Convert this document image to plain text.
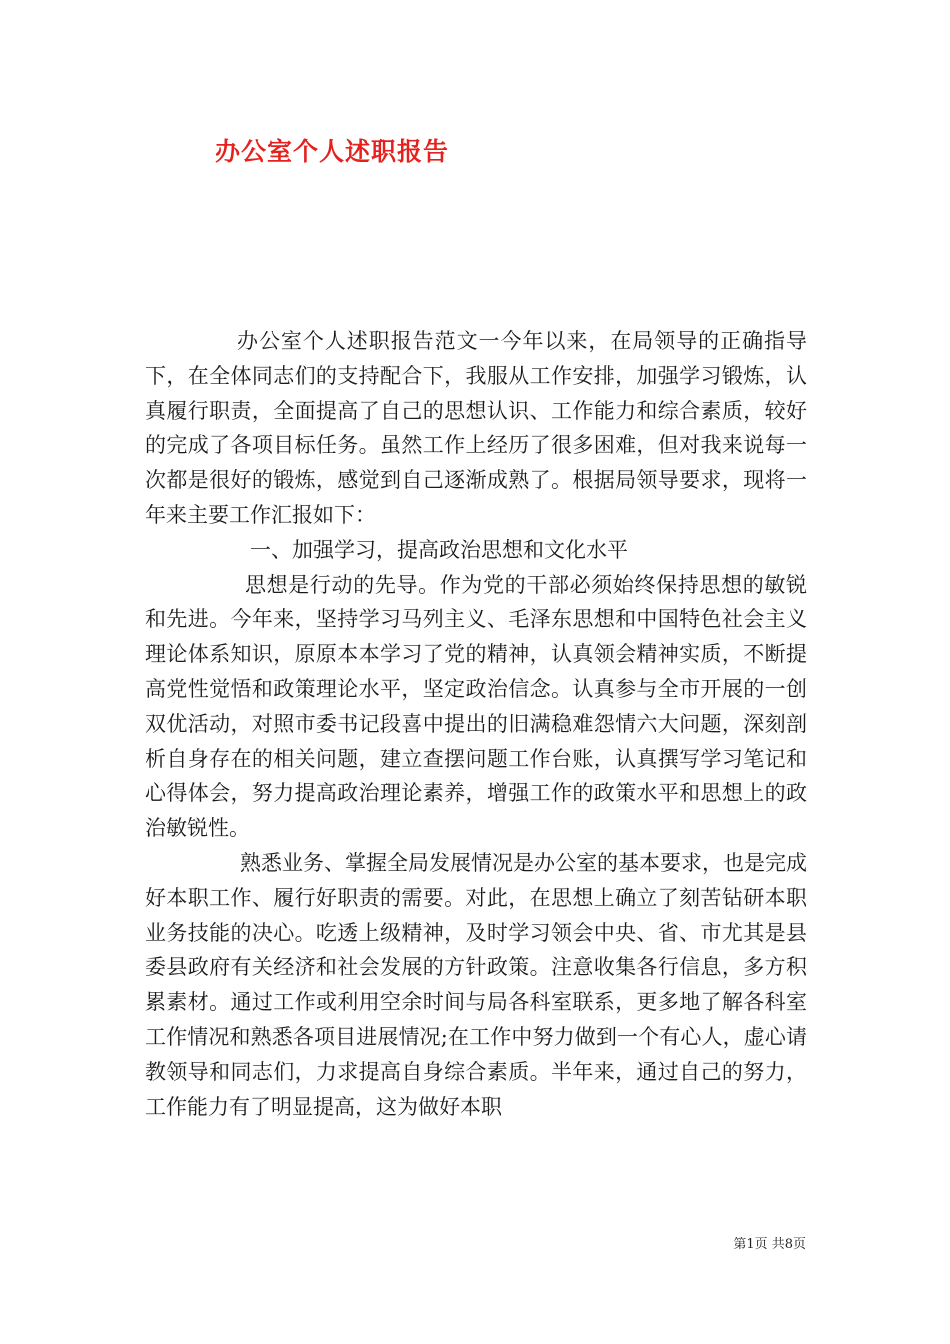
办公室个人述职报告

办公室个人述职报告范文一今年以来，在局领导的正确指导下，在全体同志们的支持配合下，我服从工作安排，加强学习锻炼，认真履行职责，全面提高了自己的思想认识、工作能力和综合素质，较好的完成了各项目标任务。虽然工作上经历了很多困难，但对我来说每一次都是很好的锻炼，感觉到自己逐渐成熟了。根据局领导要求，现将一年来主要工作汇报如下：

一、加强学习，提高政治思想和文化水平

思想是行动的先导。作为党的干部必须始终保持思想的敏锐和先进。今年来，坚持学习马列主义、毛泽东思想和中国特色社会主义理论体系知识，原原本本学习了党的精神，认真领会精神实质，不断提高党性觉悟和政策理论水平，坚定政治信念。认真参与全市开展的一创双优活动，对照市委书记段喜中提出的旧满稳难怨情六大问题，深刻剖析自身存在的相关问题，建立查摆问题工作台账，认真撰写学习笔记和心得体会，努力提高政治理论素养，增强工作的政策水平和思想上的政治敏锐性。

熟悉业务、掌握全局发展情况是办公室的基本要求，也是完成好本职工作、履行好职责的需要。对此，在思想上确立了刻苦钻研本职业务技能的决心。吃透上级精神，及时学习领会中央、省、市尤其是县委县政府有关经济和社会发展的方针政策。注意收集各行信息，多方积累素材。通过工作或利用空余时间与局各科室联系，更多地了解各科室工作情况和熟悉各项目进展情况;在工作中努力做到一个有心人，虚心请教领导和同志们，力求提高自身综合素质。半年来，通过自己的努力，工作能力有了明显提高，这为做好本职

第1页 共8页
